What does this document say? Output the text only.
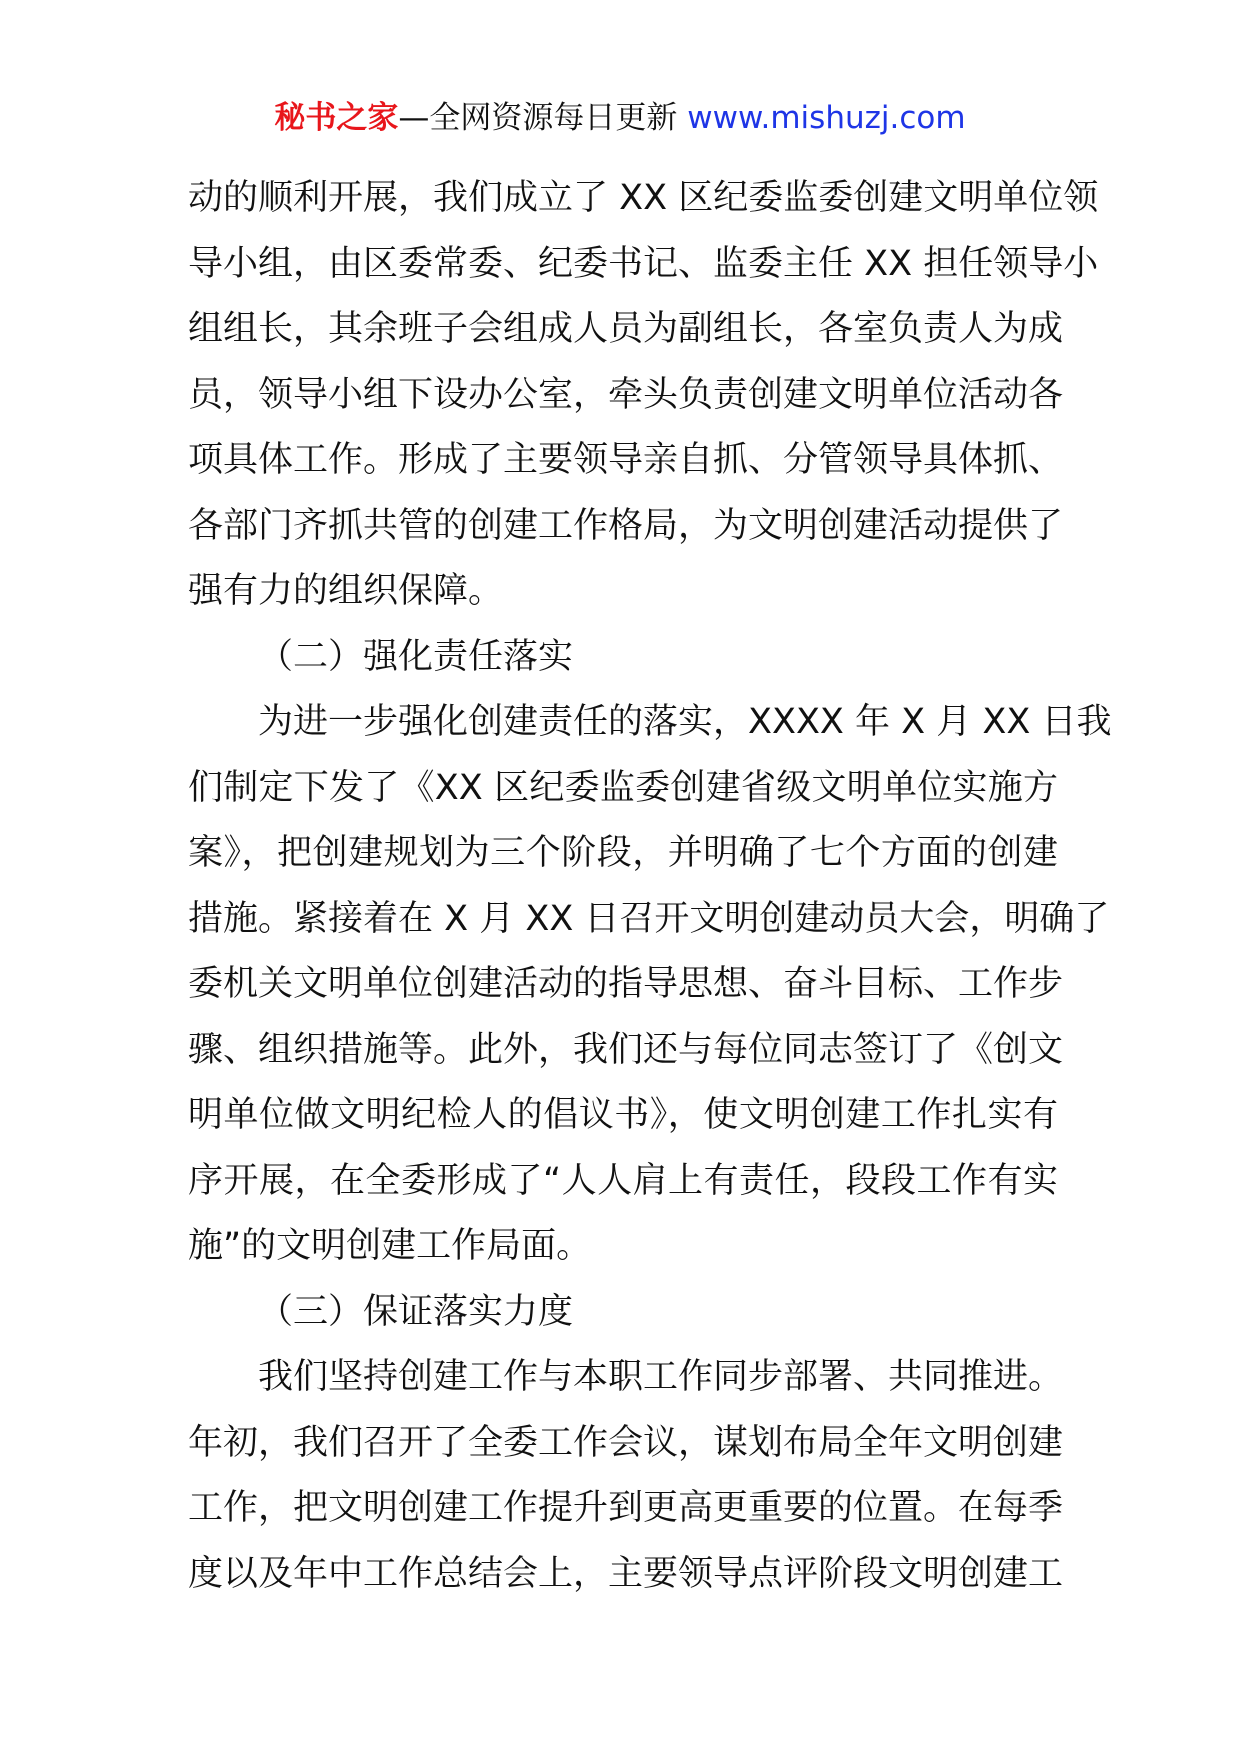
秘书之家—全网资源每日更新 www.mishuzj.com
动的顺利开展，我们成立了 XX 区纪委监委创建文明单位领
导小组，由区委常委、纪委书记、监委主任 XX 担任领导小
组组长，其余班子会组成人员为副组长，各室负责人为成
员，领导小组下设办公室，牵头负责创建文明单位活动各
项具体工作。形成了主要领导亲自抓、分管领导具体抓、
各部门齐抓共管的创建工作格局，为文明创建活动提供了
强有力的组织保障。
（二）强化责任落实
为进一步强化创建责任的落实，XXXX 年 X 月 XX 日我
们制定下发了《XX 区纪委监委创建省级文明单位实施方
案》，把创建规划为三个阶段，并明确了七个方面的创建
措施。紧接着在 X 月 XX 日召开文明创建动员大会，明确了
委机关文明单位创建活动的指导思想、奋斗目标、工作步
骤、组织措施等。此外，我们还与每位同志签订了《创文
明单位做文明纪检人的倡议书》，使文明创建工作扎实有
序开展，在全委形成了“人人肩上有责任，段段工作有实
施”的文明创建工作局面。
（三）保证落实力度
我们坚持创建工作与本职工作同步部署、共同推进。
年初，我们召开了全委工作会议，谋划布局全年文明创建
工作，把文明创建工作提升到更高更重要的位置。在每季
度以及年中工作总结会上，主要领导点评阶段文明创建工
